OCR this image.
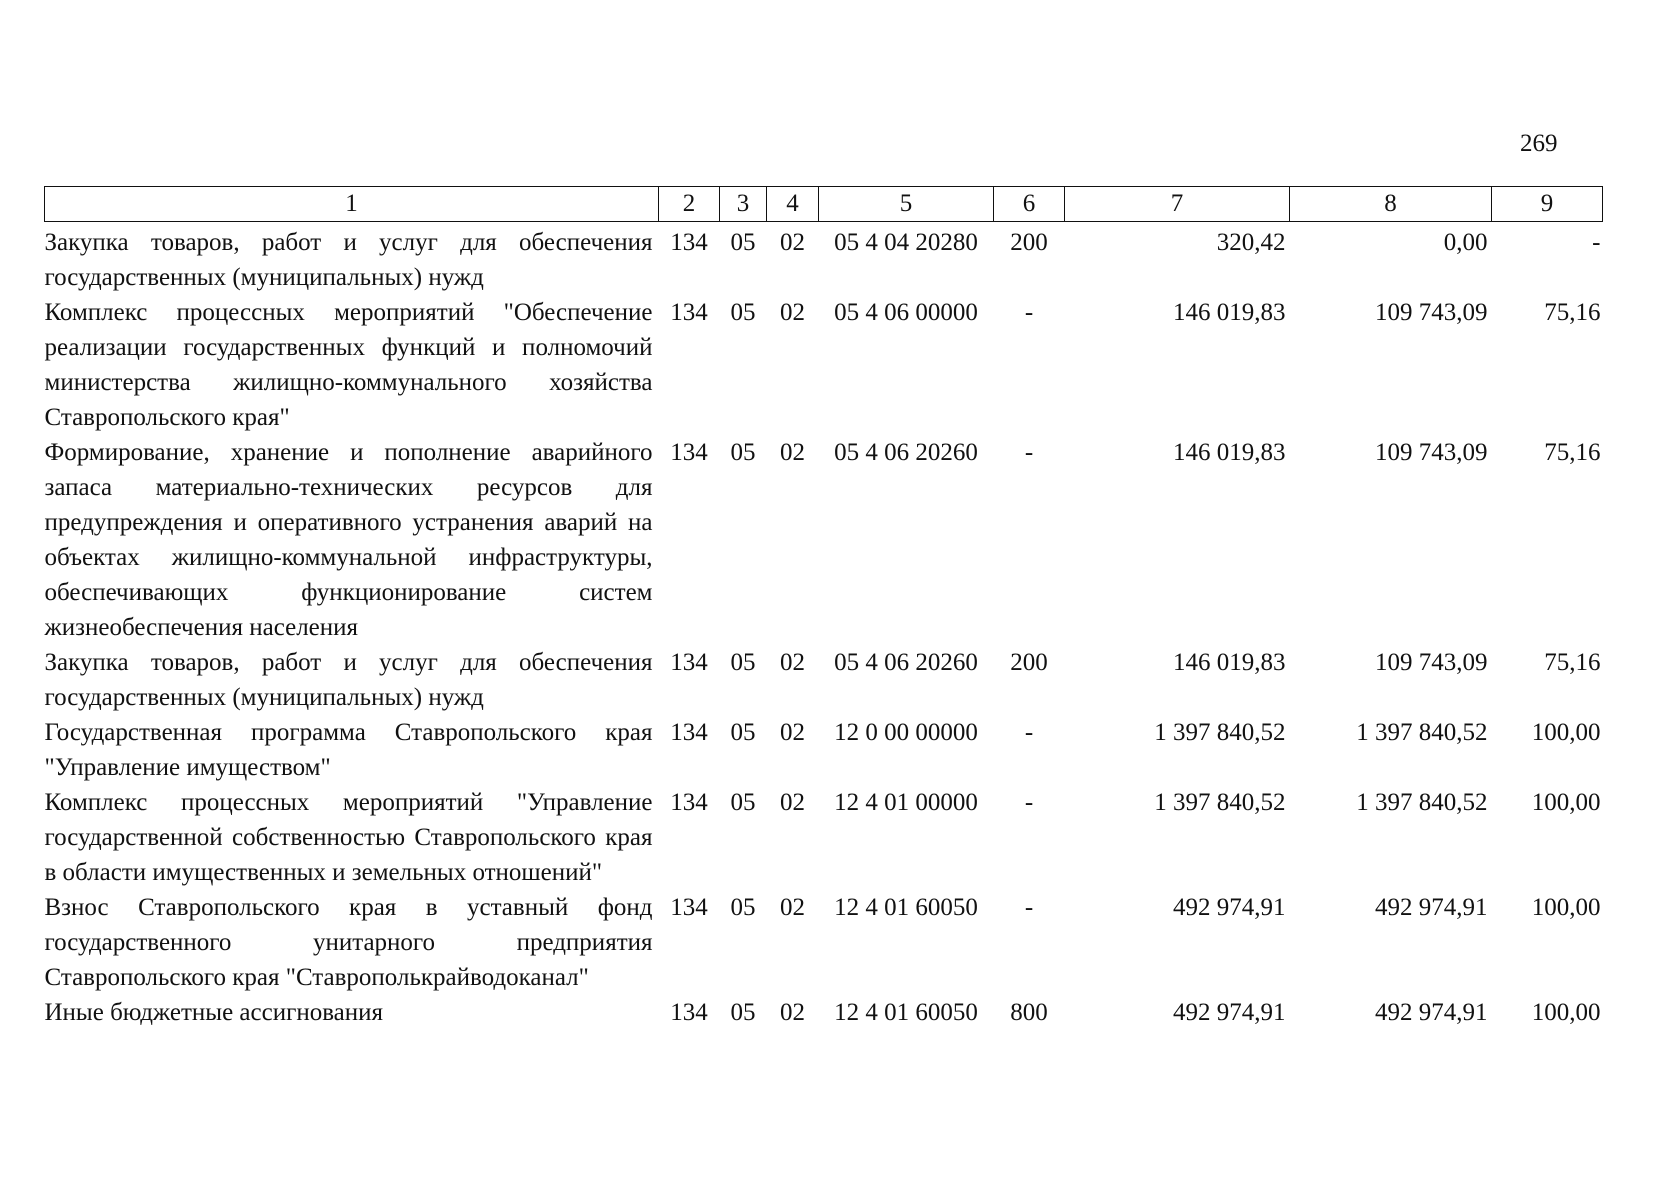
269
1	2	3	4	5	6	7	8	9
Закупка товаров, работ и услуг для обеспечения государственных (муниципальных) нужд	134	05	02	05 4 04 20280	200	320,42	0,00	-
Комплекс процессных мероприятий "Обеспечение реализации государственных функций и полномочий министерства жилищно-коммунального хозяйства Ставропольского края"	134	05	02	05 4 06 00000	-	146 019,83	109 743,09	75,16
Формирование, хранение и пополнение аварийного запаса материально-технических ресурсов для предупреждения и оперативного устранения аварий на объектах жилищно-коммунальной инфраструктуры, обеспечивающих функционирование систем жизнеобеспечения населения	134	05	02	05 4 06 20260	-	146 019,83	109 743,09	75,16
Закупка товаров, работ и услуг для обеспечения государственных (муниципальных) нужд	134	05	02	05 4 06 20260	200	146 019,83	109 743,09	75,16
Государственная программа Ставропольского края "Управление имуществом"	134	05	02	12 0 00 00000	-	1 397 840,52	1 397 840,52	100,00
Комплекс процессных мероприятий "Управление государственной собственностью Ставропольского края в области имущественных и земельных отношений"	134	05	02	12 4 01 00000	-	1 397 840,52	1 397 840,52	100,00
Взнос Ставропольского края в уставный фонд государственного унитарного предприятия Ставропольского края "Ставрополькрайводоканал"	134	05	02	12 4 01 60050	-	492 974,91	492 974,91	100,00
Иные бюджетные ассигнования	134	05	02	12 4 01 60050	800	492 974,91	492 974,91	100,00
